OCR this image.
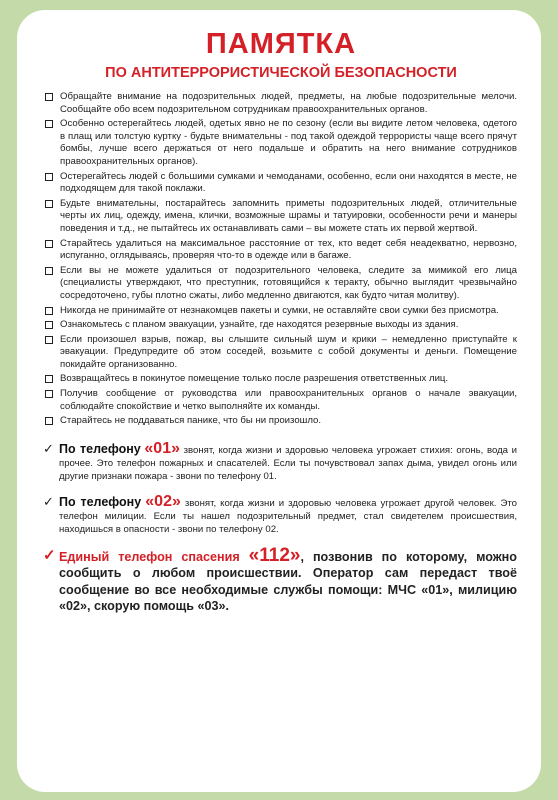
ПАМЯТКА
ПО АНТИТЕРРОРИСТИЧЕСКОЙ БЕЗОПАСНОСТИ
Обращайте внимание на подозрительных людей, предметы, на любые подозрительные мелочи. Сообщайте обо всем подозрительном сотрудникам правоохранительных органов.
Особенно остерегайтесь людей, одетых явно не по сезону (если вы видите летом человека, одетого в плащ или толстую куртку - будьте внимательны - под такой одеждой террористы чаще всего прячут бомбы, лучше всего держаться от него подальше и обратить на него внимание сотрудников правоохранительных органов).
Остерегайтесь людей с большими сумками и чемоданами, особенно, если они находятся в месте, не подходящем для такой поклажи.
Будьте внимательны, постарайтесь запомнить приметы подозрительных людей, отличительные черты их лиц, одежду, имена, клички, возможные шрамы и татуировки, особенности речи и манеры поведения и т.д., не пытайтесь их останавливать сами – вы можете стать их первой жертвой.
Старайтесь удалиться на максимальное расстояние от тех, кто ведет себя неадекватно, нервозно, испуганно, оглядываясь, проверяя что-то в одежде или в багаже.
Если вы не можете удалиться от подозрительного человека, следите за мимикой его лица (специалисты утверждают, что преступник, готовящийся к теракту, обычно выглядит чрезвычайно сосредоточено, губы плотно сжаты, либо медленно двигаются, как будто читая молитву).
Никогда не принимайте от незнакомцев пакеты и сумки, не оставляйте свои сумки без присмотра.
Ознакомьтесь с планом эвакуации, узнайте, где находятся резервные выходы из здания.
Если произошел взрыв, пожар, вы слышите сильный шум и крики – немедленно приступайте к эвакуации. Предупредите об этом соседей, возьмите с собой документы и деньги. Помещение покидайте организованно.
Возвращайтесь в покинутое помещение только после разрешения ответственных лиц.
Получив сообщение от руководства или правоохранительных органов о начале эвакуации, соблюдайте спокойствие и четко выполняйте их команды.
Старайтесь не поддаваться панике, что бы ни произошло.
✓ По телефону «01» звонят, когда жизни и здоровью человека угрожает стихия: огонь, вода и прочее. Это телефон пожарных и спасателей. Если ты почувствовал запах дыма, увидел огонь или другие признаки пожара - звони по телефону 01.
✓ По телефону «02» звонят, когда жизни и здоровью человека угрожает другой человек. Это телефон милиции. Если ты нашел подозрительный предмет, стал свидетелем происшествия, находишься в опасности - звони по телефону 02.
✓ Единый телефон спасения «112», позвонив по которому, можно сообщить о любом происшествии. Оператор сам передаст твоё сообщение во все необходимые службы помощи: МЧС «01», милицию «02», скорую помощь «03».
